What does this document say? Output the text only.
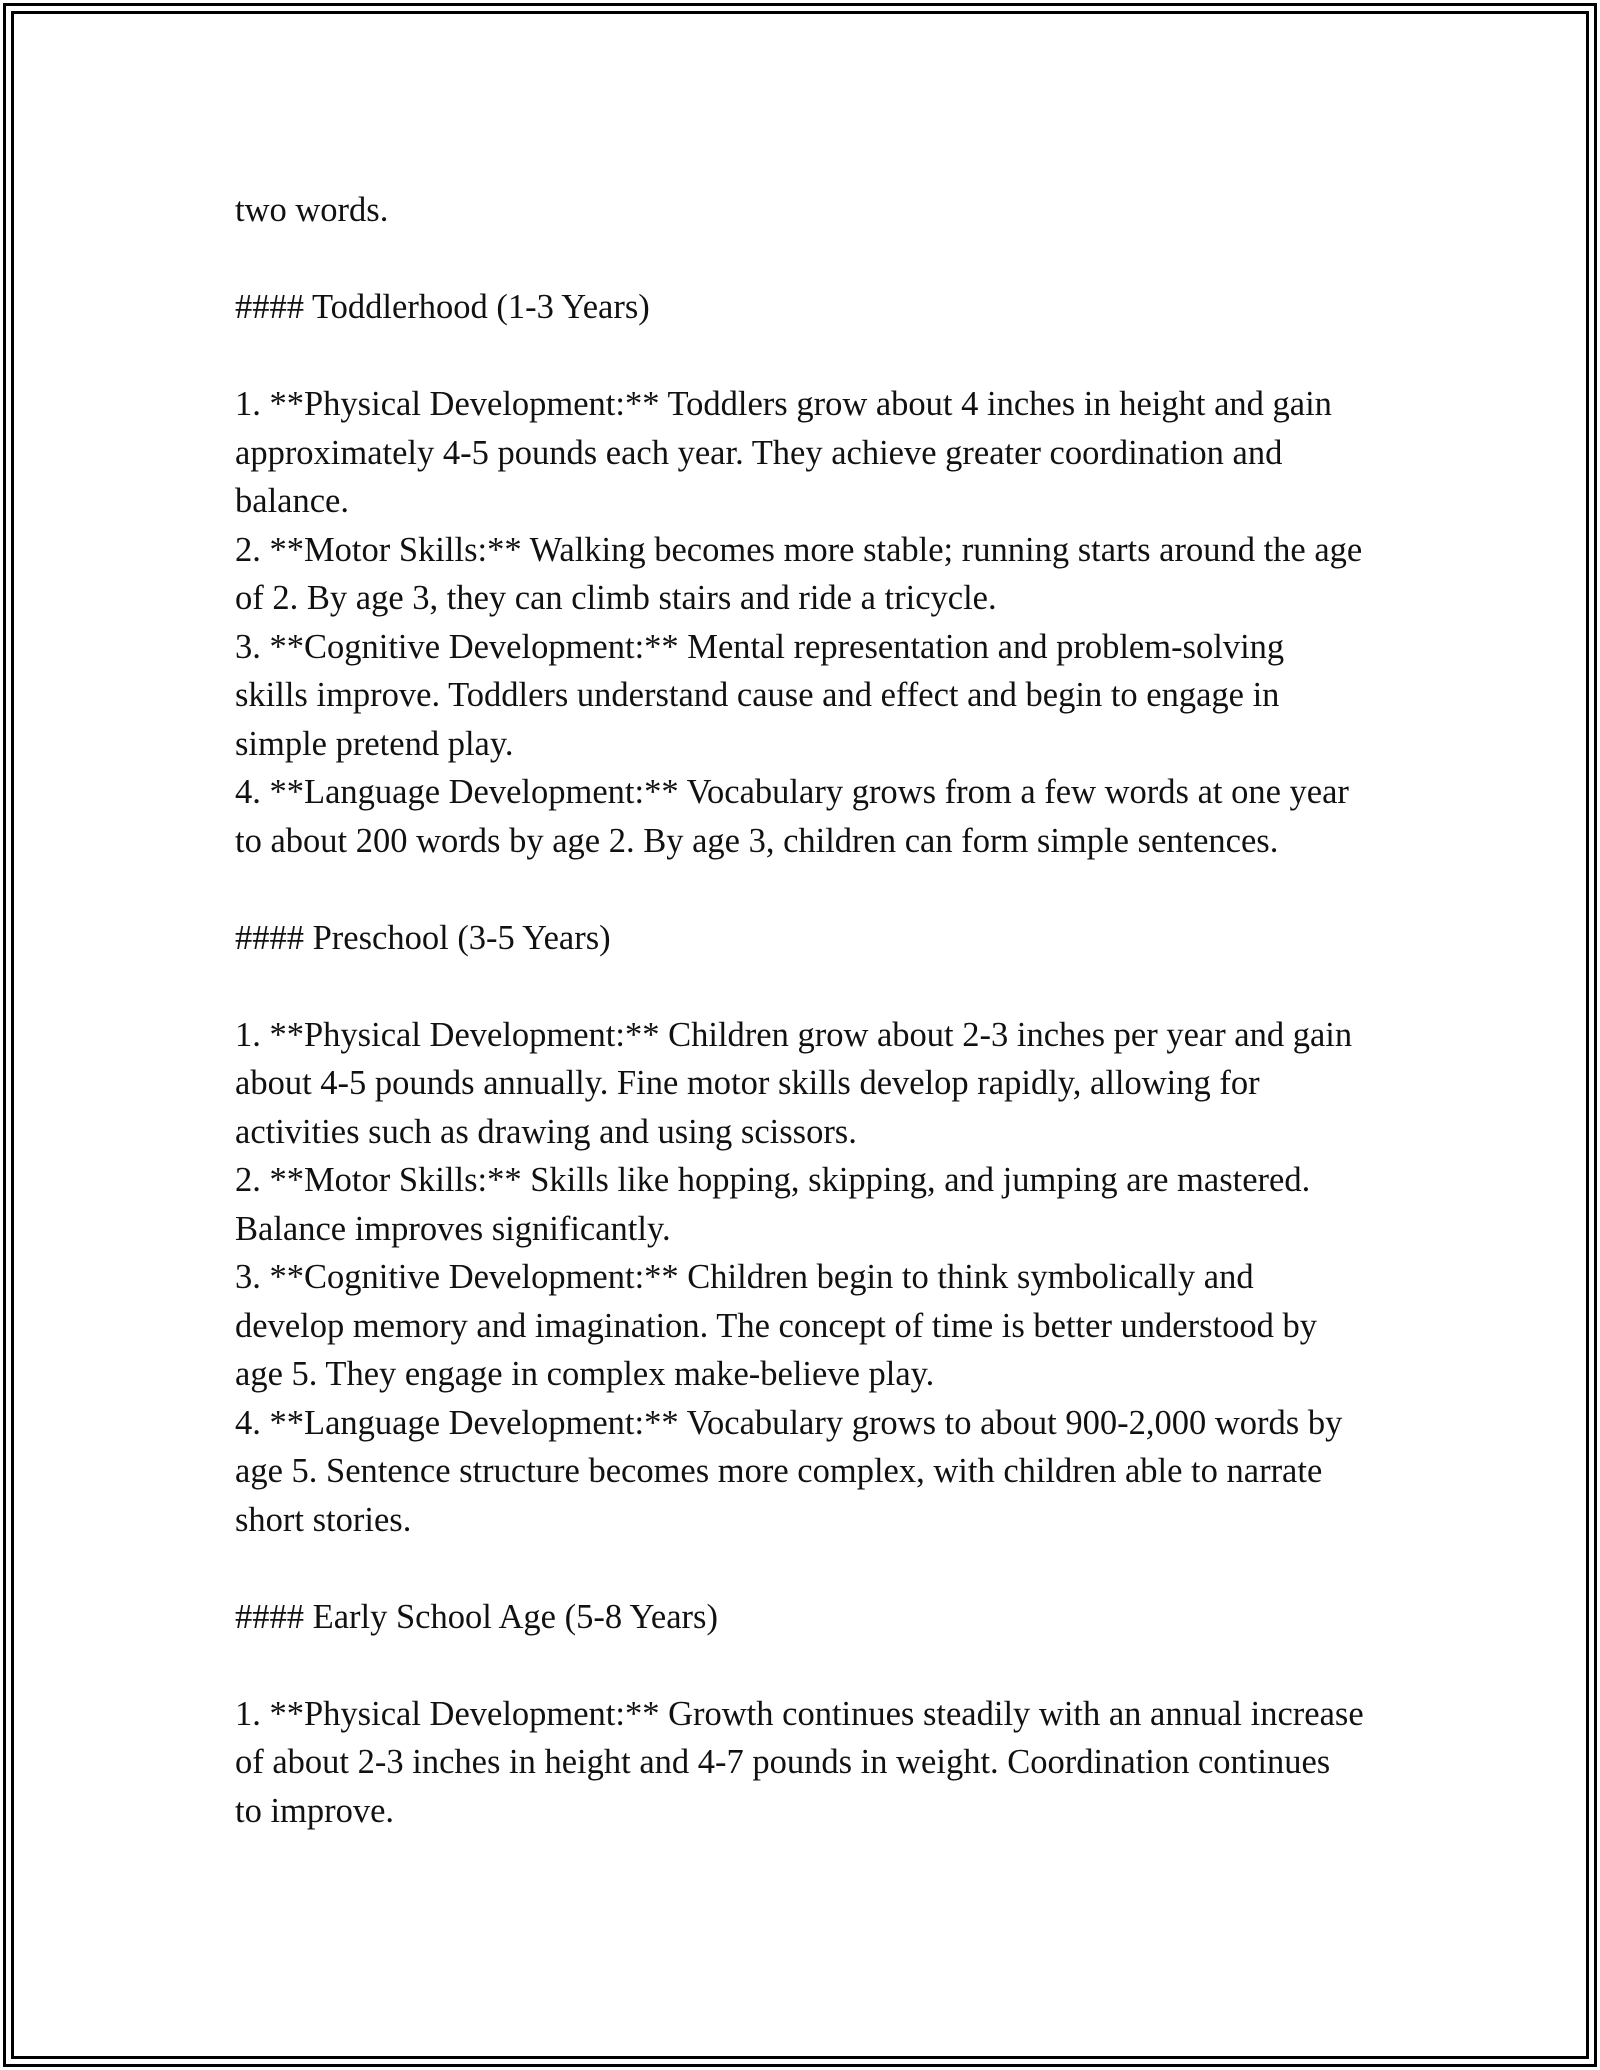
two words.

#### Toddlerhood (1-3 Years)

1. **Physical Development:** Toddlers grow about 4 inches in height and gain approximately 4-5 pounds each year. They achieve greater coordination and balance.

2. **Motor Skills:** Walking becomes more stable; running starts around the age of 2. By age 3, they can climb stairs and ride a tricycle.

3. **Cognitive Development:** Mental representation and problem-solving skills improve. Toddlers understand cause and effect and begin to engage in simple pretend play.

4. **Language Development:** Vocabulary grows from a few words at one year to about 200 words by age 2. By age 3, children can form simple sentences.

#### Preschool (3-5 Years)

1. **Physical Development:** Children grow about 2-3 inches per year and gain about 4-5 pounds annually. Fine motor skills develop rapidly, allowing for activities such as drawing and using scissors.

2. **Motor Skills:** Skills like hopping, skipping, and jumping are mastered. Balance improves significantly.

3. **Cognitive Development:** Children begin to think symbolically and develop memory and imagination. The concept of time is better understood by age 5. They engage in complex make-believe play.

4. **Language Development:** Vocabulary grows to about 900-2,000 words by age 5. Sentence structure becomes more complex, with children able to narrate short stories.

#### Early School Age (5-8 Years)

1. **Physical Development:** Growth continues steadily with an annual increase of about 2-3 inches in height and 4-7 pounds in weight. Coordination continues to improve.
